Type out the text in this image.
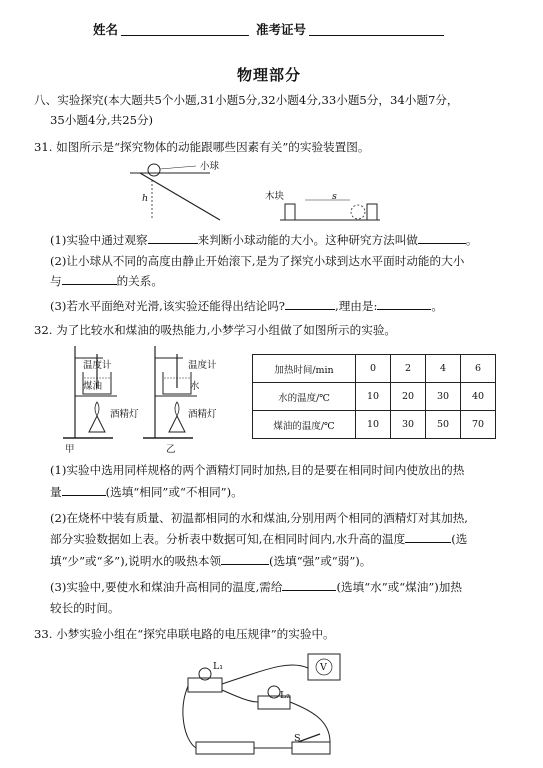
姓名	准考证号
物理部分
八、实验探究(本大题共5个小题,31小题5分,32小题4分,33小题5分，34小题7分，
35小题4分,共25分)
31. 如图所示是“探究物体的动能跟哪些因素有关”的实验装置图。
小球
h	木块	s
(1)实验中通过观察	来判断小球动能的大小。这种研究方法叫做	。
(2)让小球从不同的高度由静止开始滚下,是为了探究小球到达水平面时动能的大小
与	的关系。
(3)若水平面绝对光滑,该实验还能得出结论吗?	,理由是:	。
32. 为了比较水和煤油的吸热能力,小梦学习小组做了如图所示的实验。
温度计
煤油
酒精灯
甲
温度计
水
酒精灯
乙
加热时间/min	0	2	4	6
水的温度/℃	10	20	30	40
煤油的温度/℃	10	30	50	70
(1)实验中选用同样规格的两个酒精灯同时加热,目的是要在相同时间内使放出的热
量	(选填“相同”或“不相同”)。
(2)在烧杯中装有质量、初温都相同的水和煤油,分别用两个相同的酒精灯对其加热,
部分实验数据如上表。分析表中数据可知,在相同时间内,水升高的温度	(选
填“少”或“多”),说明水的吸热本领	(选填“强”或“弱”)。
(3)实验中,要使水和煤油升高相同的温度,需给	(选填“水”或“煤油”)加热
较长的时间。
33. 小梦实验小组在“探究串联电路的电压规律”的实验中。
L₁
L₂
V
S
